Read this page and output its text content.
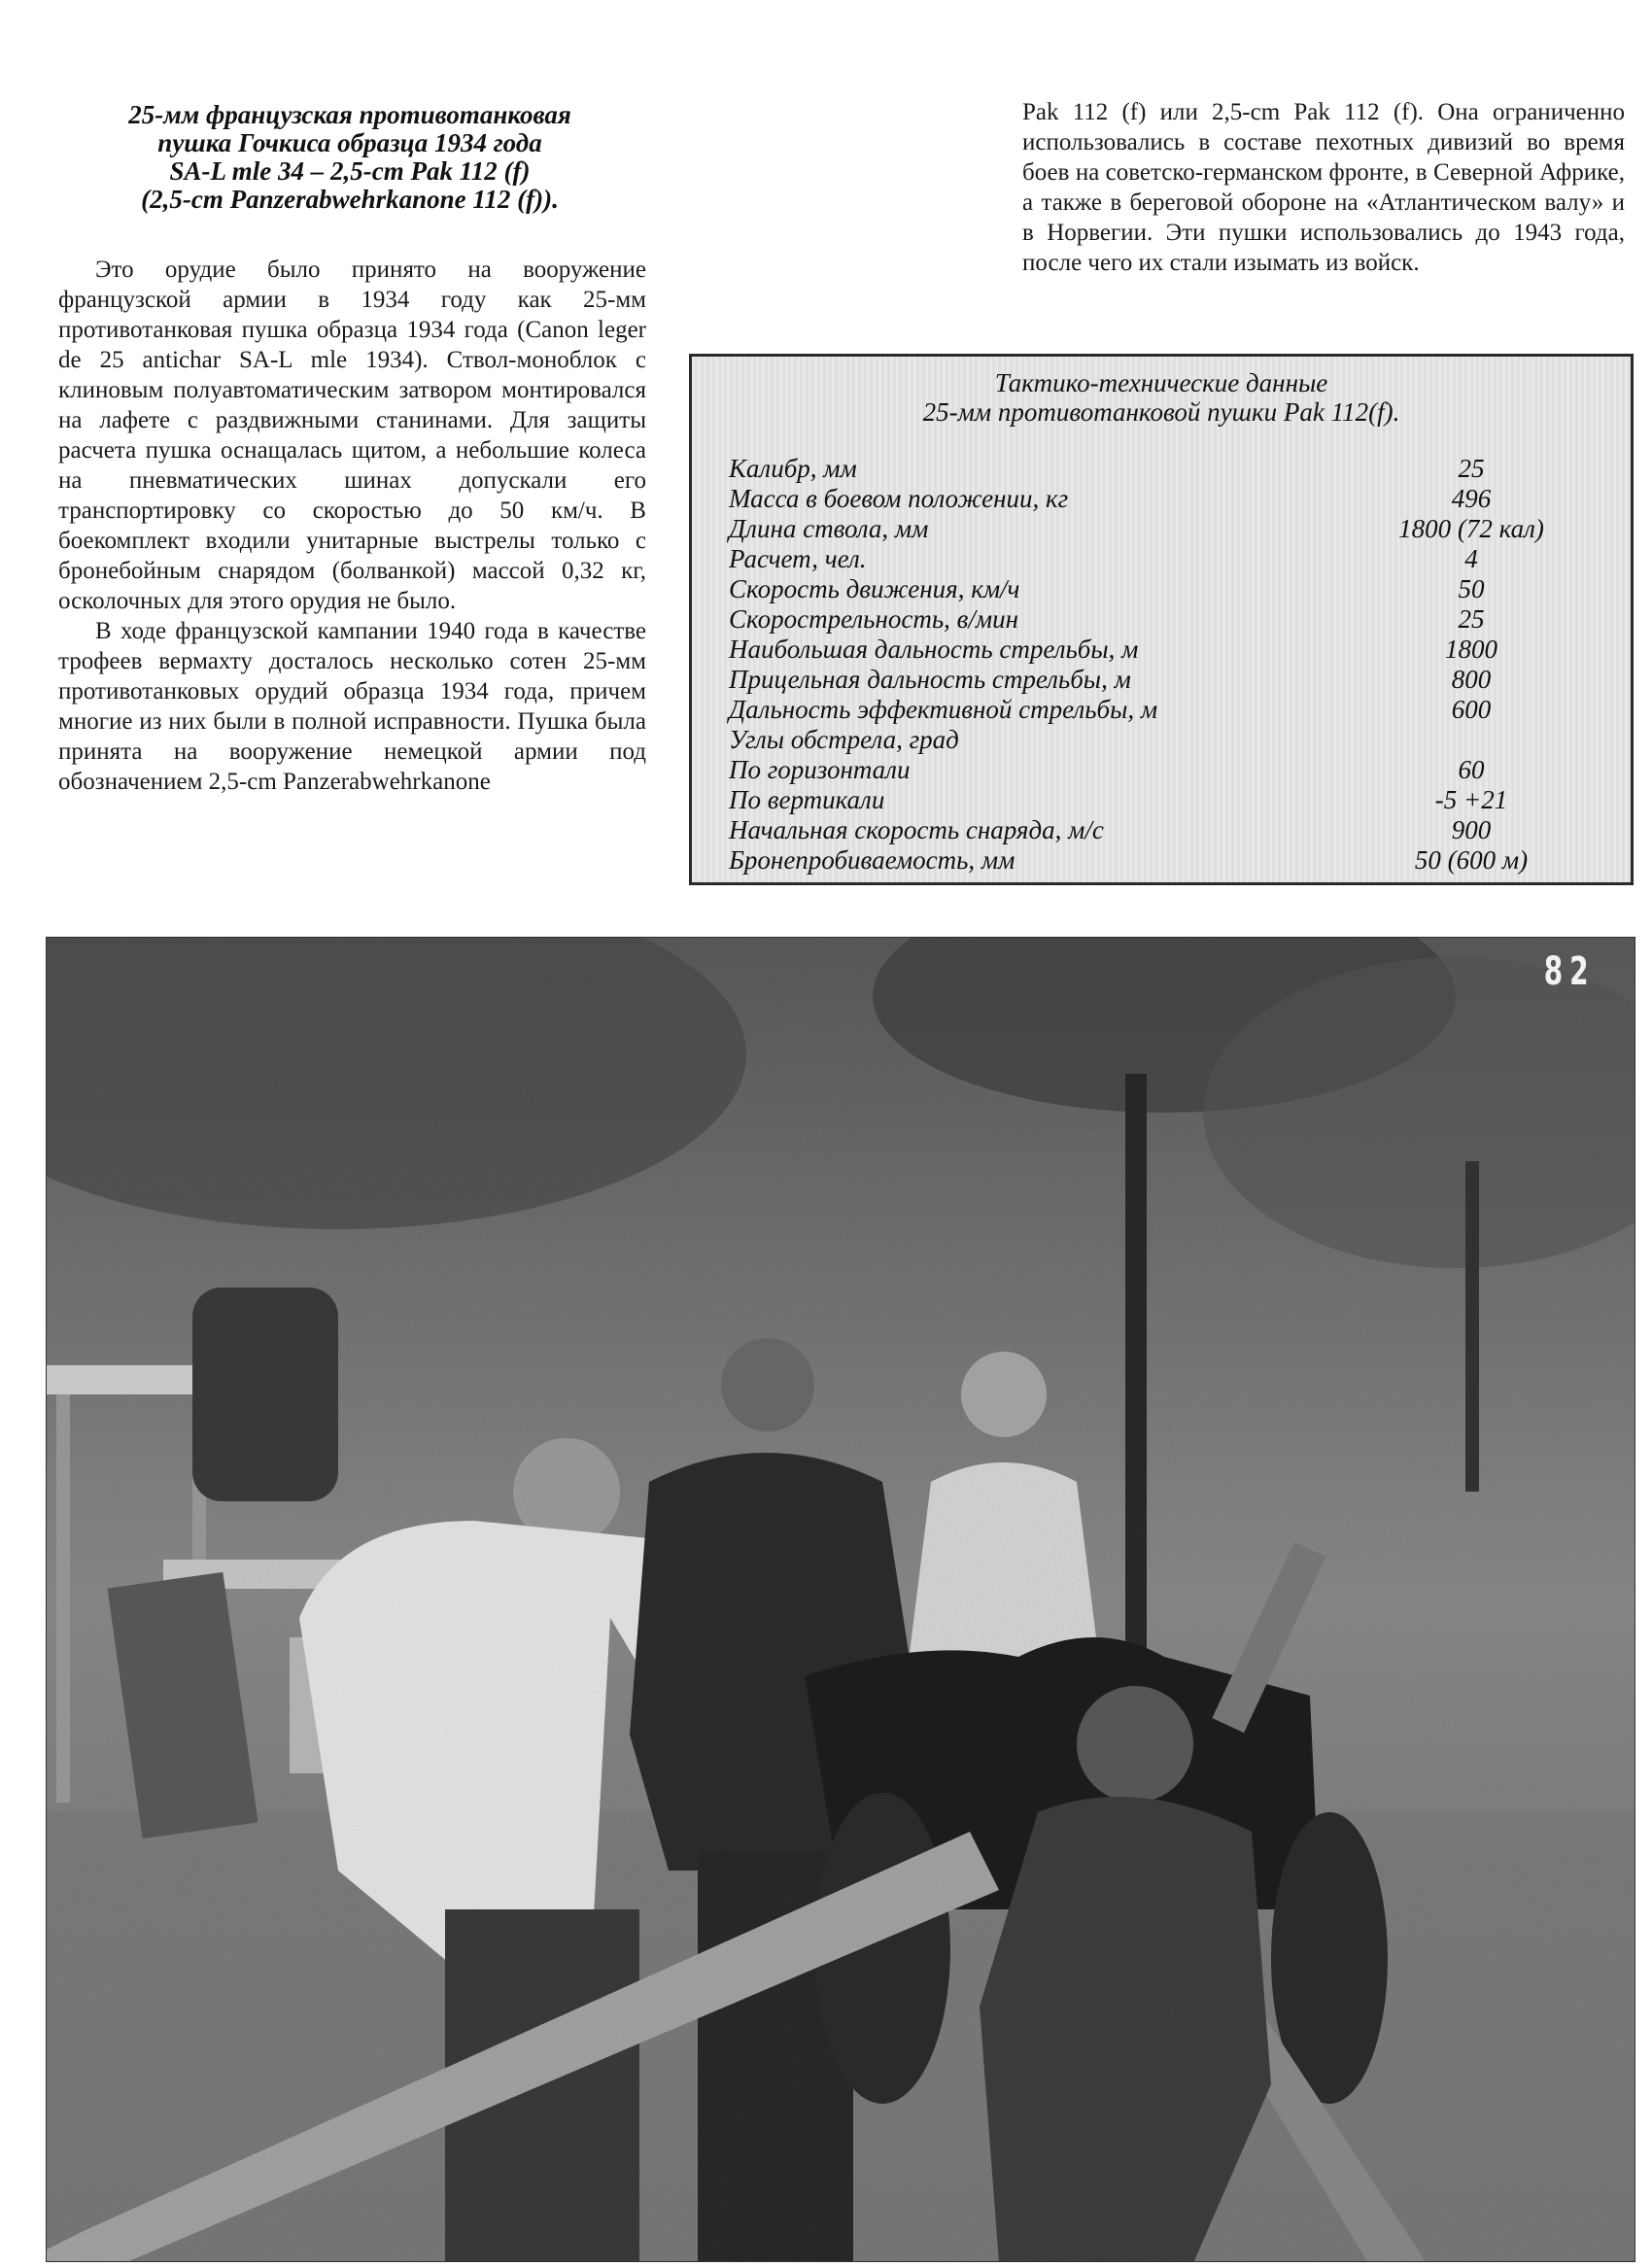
25-мм французская противотанковая
пушка Гочкиса образца 1934 года
SA-L mle 34 – 2,5-cm Pak 112 (f)
(2,5-cm Panzerabwehrkanone 112 (f)).

Это орудие было принято на вооружение французской армии в 1934 году как 25-мм противотанковая пушка образца 1934 года (Canon leger de 25 antichar SA-L mle 1934). Ствол-моноблок с клиновым полуавтоматическим затвором монтировался на лафете с раздвижными станинами. Для защиты расчета пушка оснащалась щитом, а небольшие колеса на пневматических шинах допускали его транспортировку со скоростью до 50 км/ч. В боекомплект входили унитарные выстрелы только с бронебойным снарядом (болванкой) массой 0,32 кг, осколочных для этого орудия не было.

В ходе французской кампании 1940 года в качестве трофеев вермахту досталось несколько сотен 25-мм противотанковых орудий образца 1934 года, причем многие из них были в полной исправности. Пушка была принята на вооружение немецкой армии под обозначением 2,5-cm Panzerabwehrkanone

Pak 112 (f) или 2,5-cm Pak 112 (f). Она ограниченно использовались в составе пехотных дивизий во время боев на советско-германском фронте, в Северной Африке, а также в береговой обороне на «Атлантическом валу» и в Норвегии. Эти пушки использовались до 1943 года, после чего их стали изымать из войск.

Тактико-технические данные
25-мм противотанковой пушки Pak 112(f).
Калибр, мм	25
Масса в боевом положении, кг	496
Длина ствола, мм	1800 (72 кал)
Расчет, чел.	4
Скорость движения, км/ч	50
Скорострельность, в/мин	25
Наибольшая дальность стрельбы, м	1800
Прицельная дальность стрельбы, м	800
Дальность эффективной стрельбы, м	600
Углы обстрела, град
По горизонтали	60
По вертикали	-5 +21
Начальная скорость снаряда, м/с	900
Бронепробиваемость, мм	50 (600 м)
82
